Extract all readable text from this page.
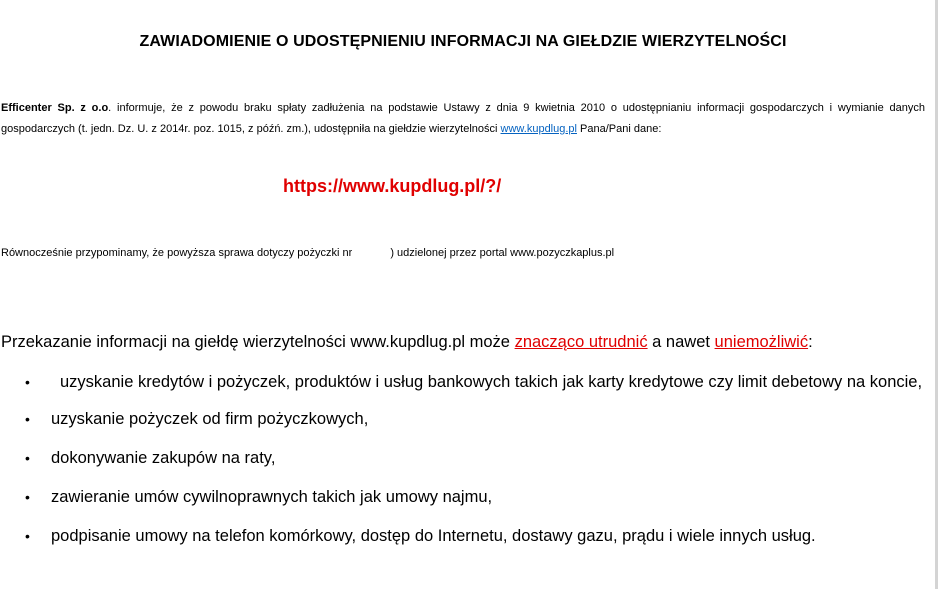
ZAWIADOMIENIE O UDOSTĘPNIENIU INFORMACJI NA GIEŁDZIE WIERZYTELNOŚCI
Efficenter Sp. z o.o. informuje, że z powodu braku spłaty zadłużenia na podstawie Ustawy z dnia 9 kwietnia 2010 o udostępnianiu informacji gospodarczych i wymianie danych gospodarczych (t. jedn. Dz. U. z 2014r. poz. 1015, z późń. zm.), udostępniła na giełdzie wierzytelności www.kupdlug.pl Pana/Pani dane:
https://www.kupdlug.pl/?/
Równocześnie przypominamy, że powyższa sprawa dotyczy pożyczki nr	) udzielonej przez portal www.pozyczkaplus.pl
Przekazanie informacji na giełdę wierzytelności www.kupdlug.pl może znacząco utrudnić a nawet uniemożliwić:
• uzyskanie kredytów i pożyczek, produktów i usług bankowych takich jak karty kredytowe czy limit debetowy na koncie,
• uzyskanie pożyczek od firm pożyczkowych,
• dokonywanie zakupów na raty,
• zawieranie umów cywilnoprawnych takich jak umowy najmu,
• podpisanie umowy na telefon komórkowy, dostęp do Internetu, dostawy gazu, prądu i wiele innych usług.
